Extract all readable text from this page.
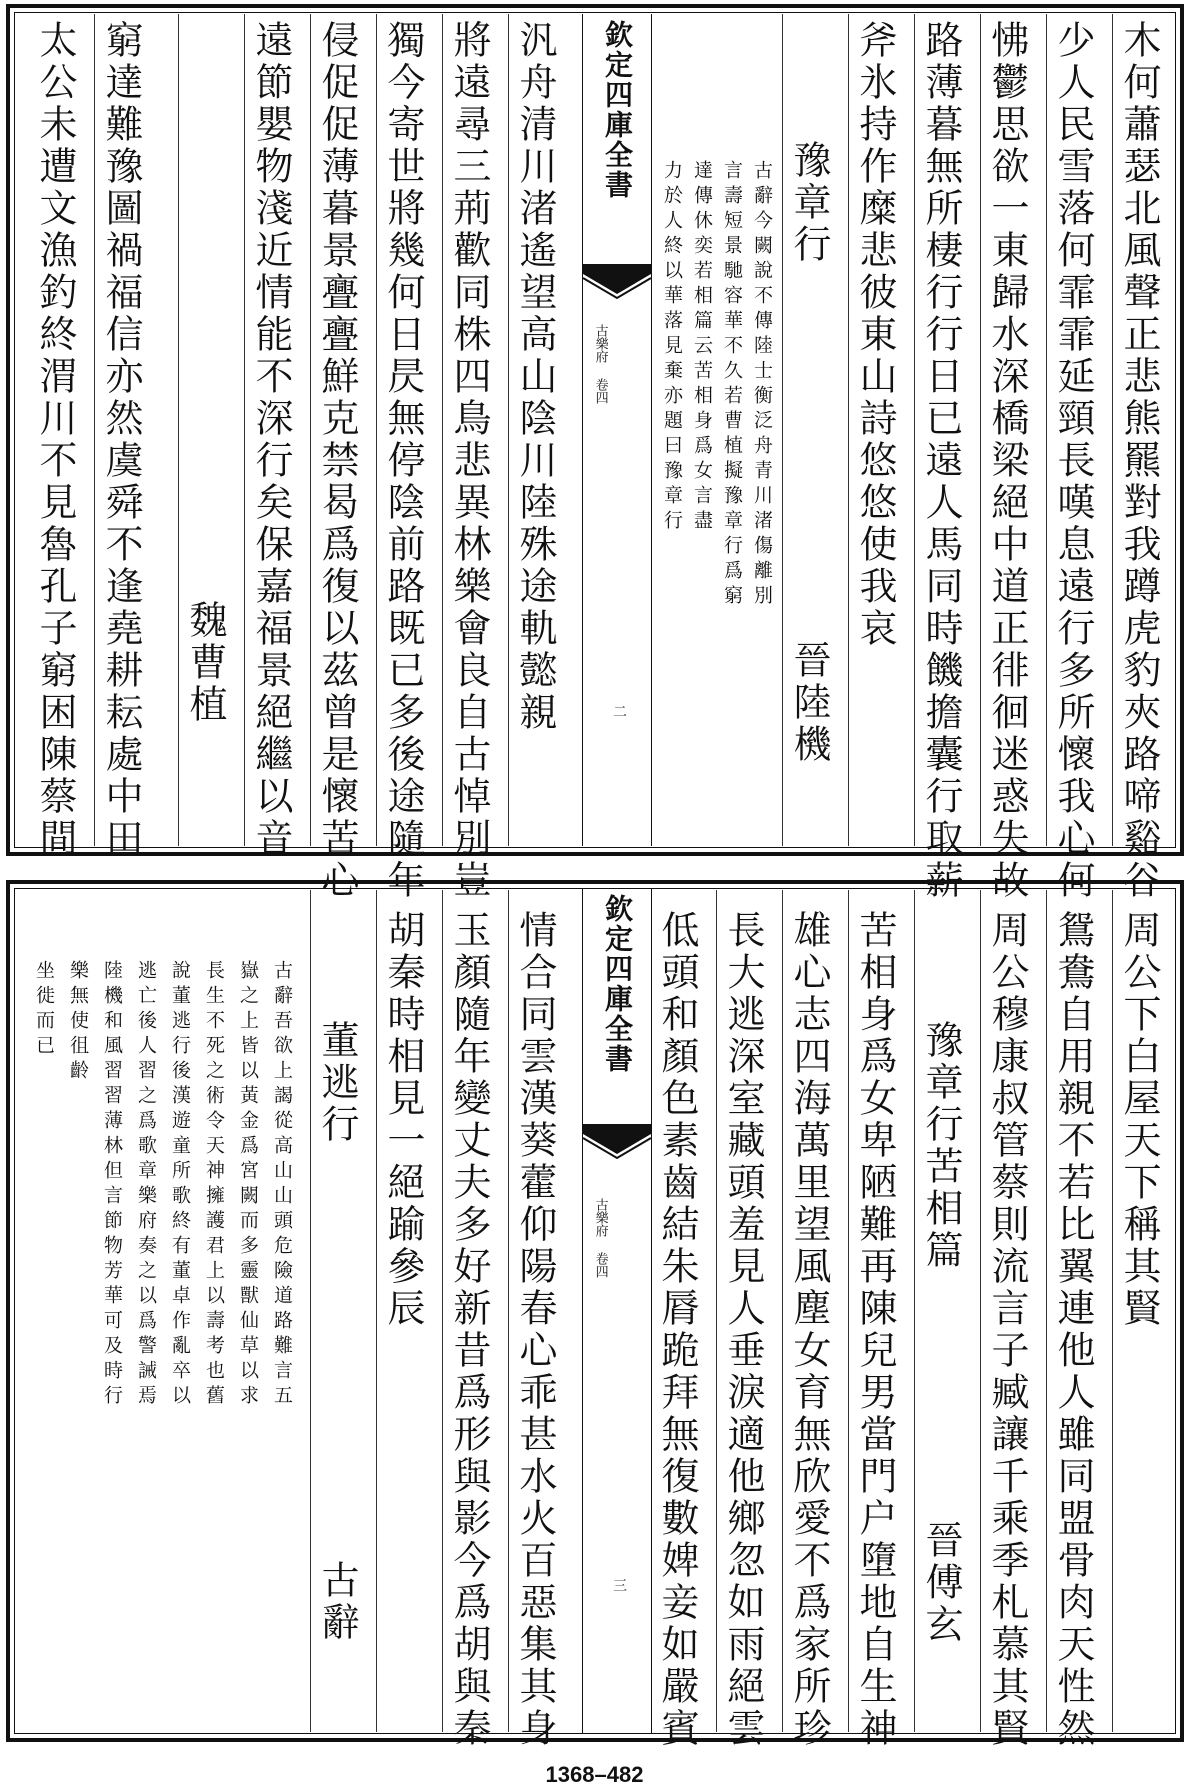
木何蕭瑟北風聲正悲熊羆對我蹲虎豹夾路啼谿谷
少人民雪落何霏霏延頸長嘆息遠行多所懷我心何
怫鬱思欲一東歸水深橋梁絕中道正徘徊迷惑失故
路薄暮無所棲行行日已遠人馬同時饑擔囊行取薪
斧氷持作糜悲彼東山詩悠悠使我哀
豫章行
晉陸機
古辭今闕說不傳陸士衡泛舟青川渚傷離別
言壽短景馳容華不久若曹植擬豫章行爲窮
達傳休奕若相篇云苦相身爲女言盡
力於人終以華落見棄亦題曰豫章行
欽定四庫全書
古樂府 卷四
二
汎舟清川渚遙望高山陰川陸殊途軌懿親
將遠尋三荊歡同株四鳥悲異林樂會良自古悼別豈
獨今寄世將幾何日昃無停陰前路既已多後途隨年
侵促促薄暮景亹亹鮮克禁曷爲復以茲曾是懷苦心
遠節嬰物淺近情能不深行矣保嘉福景絕繼以音
魏曹植
窮達難豫圖禍福信亦然虞舜不逢堯耕耘處中田
太公未遭文漁釣終渭川不見魯孔子窮困陳蔡間
周公下白屋天下稱其賢
鴛鴦自用親不若比翼連他人雖同盟骨肉天性然
周公穆康叔管蔡則流言子臧讓千乘季札慕其賢
豫章行苦相篇
晉傅玄
苦相身爲女卑陋難再陳兒男當門户墮地自生神
雄心志四海萬里望風塵女育無欣愛不爲家所珍
長大逃深室藏頭羞見人垂淚適他鄉忽如雨絕雲
低頭和顏色素齒結朱脣跪拜無復數婢妾如嚴賓
欽定四庫全書
古樂府 卷四
三
情合同雲漢葵藿仰陽春心乖甚水火百惡集其身
玉顏隨年變丈夫多好新昔爲形與影今爲胡與秦
胡秦時相見一絕踰參辰
董逃行
古辭
古辭吾欲上謁從高山山頭危險道路難言五
嶽之上皆以黃金爲宮闕而多靈獸仙草以求
長生不死之術令天神擁護君上以壽考也舊
說董逃行後漢遊童所歌終有董卓作亂卒以
逃亡後人習之爲歌章樂府奏之以爲警誡焉
陸機和風習習薄林但言節物芳華可及時行
樂無使徂齡
坐徙而已
1368–482
